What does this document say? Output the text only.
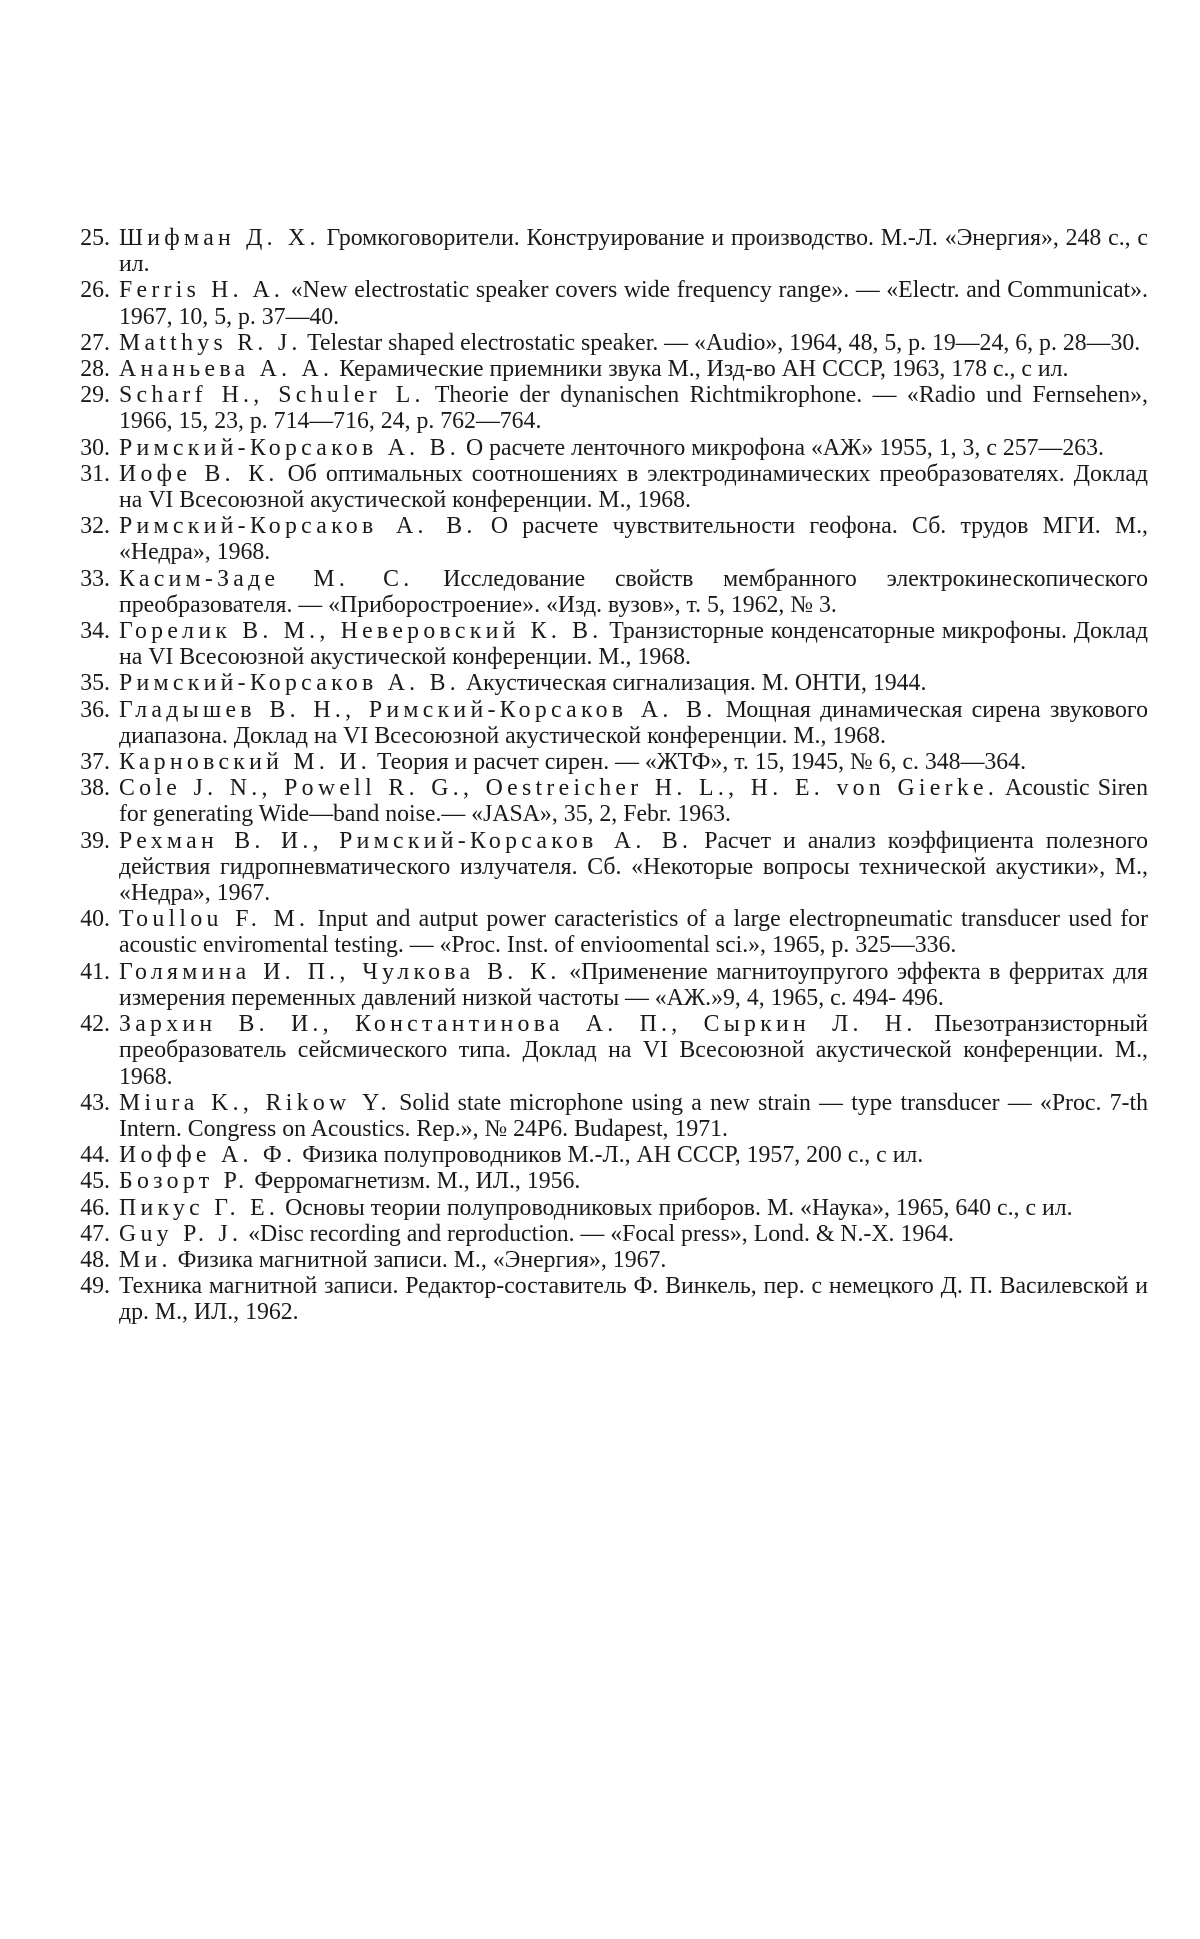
25. Шифман Д. Х. Громкоговорители. Конструирование и производство. М.-Л. «Энергия», 248 с., с ил.
26. Ferris H. A. «New electrostatic speaker covers wide frequency range». — «Electr. and Communicat». 1967, 10, 5, p. 37—40.
27. Matthys R. J. Telestar shaped electrostatic speaker. — «Audio», 1964, 48, 5, p. 19—24, 6, p. 28—30.
28. Ананьева А. А. Керамические приемники звука М., Изд-во АН СССР, 1963, 178 с., с ил.
29. Scharf H., Schuler L. Theorie der dynanischen Richtmikrophone. — «Radio und Fernsehen», 1966, 15, 23, p. 714—716, 24, p. 762—764.
30. Римский-Корсаков А. В. О расчете ленточного микрофона «АЖ» 1955, 1, 3, с 257—263.
31. Иофе В. К. Об оптимальных соотношениях в электродинамических преобразователях. Доклад на VI Всесоюзной акустической конференции. М., 1968.
32. Римский-Корсаков А. В. О расчете чувствительности геофона. Сб. трудов МГИ. М., «Недра», 1968.
33. Касим-Заде М. С. Исследование свойств мембранного электрокинескопического преобразователя. — «Приборостроение». «Изд. вузов», т. 5, 1962, № 3.
34. Горелик В. М., Неверовский К. В. Транзисторные конденсаторные микрофоны. Доклад на VI Всесоюзной акустической конференции. М., 1968.
35. Римский-Корсаков А. В. Акустическая сигнализация. М. ОНТИ, 1944.
36. Гладышев В. Н., Римский-Корсаков А. В. Мощная динамическая сирена звукового диапазона. Доклад на VI Всесоюзной акустической конференции. М., 1968.
37. Карновский М. И. Теория и расчет сирен. — «ЖТФ», т. 15, 1945, № 6, с. 348—364.
38. Cole J. N., Powell R. G., Oestreicher H. L., H. E. von Gierke. Acoustic Siren for generating Wide—band noise.— «JASA», 35, 2, Febr. 1963.
39. Рехман В. И., Римский-Корсаков А. В. Расчет и анализ коэффициента полезного действия гидропневматического излучателя. Сб. «Некоторые вопросы технической акустики», М., «Недра», 1967.
40. Toullou F. M. Input and autput power caracteristics of a large electropneumatic transducer used for acoustic enviromental testing. — «Proc. Inst. of envioomental sci.», 1965, p. 325—336.
41. Голямина И. П., Чулкова В. К. «Применение магнитоупругого эффекта в ферритах для измерения переменных давлений низкой частоты — «АЖ.»9, 4, 1965, с. 494- 496.
42. Зархин В. И., Константинова А. П., Сыркин Л. Н. Пьезотранзисторный преобразователь сейсмического типа. Доклад на VI Всесоюзной акустической конференции. М., 1968.
43. Miura K., Rikow Y. Solid state microphone using a new strain — type transducer — «Proc. 7-th Intern. Congress on Acoustics. Rep.», № 24P6. Budapest, 1971.
44. Иоффе А. Ф. Физика полупроводников М.-Л., АН СССР, 1957, 200 с., с ил.
45. Бозорт Р. Ферромагнетизм. М., ИЛ., 1956.
46. Пикус Г. Е. Основы теории полупроводниковых приборов. М. «Наука», 1965, 640 с., с ил.
47. Guy P. J. «Disc recording and reproduction. — «Focal press», Lond. & N.-X. 1964.
48. Ми. Физика магнитной записи. М., «Энергия», 1967.
49. Техника магнитной записи. Редактор-составитель Ф. Винкель, пер. с немецкого Д. П. Василевской и др. М., ИЛ., 1962.
